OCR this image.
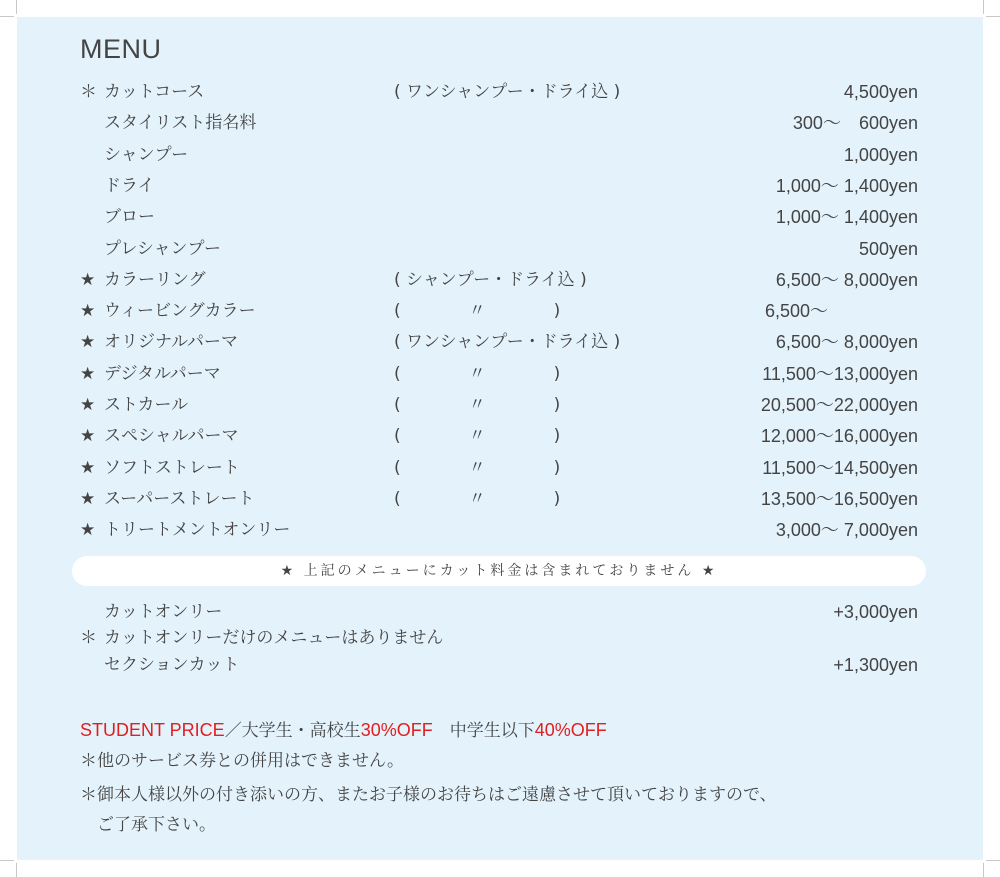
MENU
＊ カットコース	( ワンシャンプー・ドライ込 )	4,500yen
スタイリスト指名料	300〜　600yen
シャンプー	1,000yen
ドライ	1,000〜 1,400yen
ブロー	1,000〜 1,400yen
プレシャンプー	500yen
★ カラーリング	( シャンプー・ドライ込 )	6,500〜 8,000yen
★ ウィービングカラー	(　　　　〃　　　　)	6,500〜　　　　　
★ オリジナルパーマ	( ワンシャンプー・ドライ込 )	6,500〜 8,000yen
★ デジタルパーマ	(　　　　〃　　　　)	11,500〜13,000yen
★ ストカール	(　　　　〃　　　　)	20,500〜22,000yen
★ スペシャルパーマ	(　　　　〃　　　　)	12,000〜16,000yen
★ ソフトストレート	(　　　　〃　　　　)	11,500〜14,500yen
★ スーパーストレート	(　　　　〃　　　　)	13,500〜16,500yen
★ トリートメントオンリー	3,000〜 7,000yen
★ 上記のメニューにカット料金は含まれておりません ★
カットオンリー	+3,000yen
＊ カットオンリーだけのメニューはありません
セクションカット	+1,300yen
STUDENT PRICE／大学生・高校生30%OFF　中学生以下40%OFF
＊他のサービス券との併用はできません。
＊御本人様以外の付き添いの方、またお子様のお待ちはご遠慮させて頂いておりますので、
　ご了承下さい。
